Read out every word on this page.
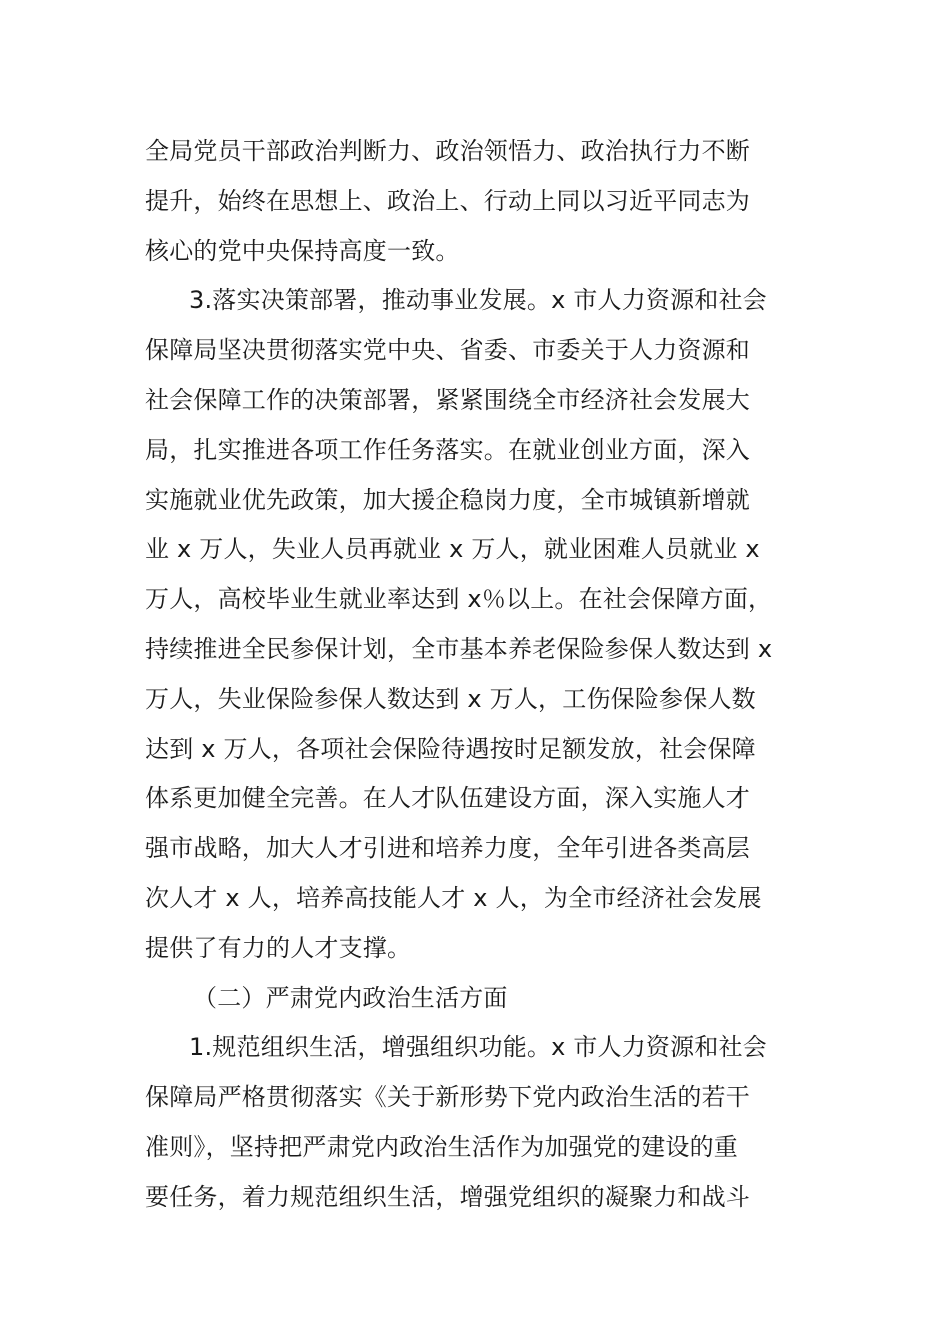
全局党员干部政治判断力、政治领悟力、政治执行力不断
提升，始终在思想上、政治上、行动上同以习近平同志为
核心的党中央保持高度一致。
3.落实决策部署，推动事业发展。x 市人力资源和社会
保障局坚决贯彻落实党中央、省委、市委关于人力资源和
社会保障工作的决策部署，紧紧围绕全市经济社会发展大
局，扎实推进各项工作任务落实。在就业创业方面，深入
实施就业优先政策，加大援企稳岗力度，全市城镇新增就
业 x 万人，失业人员再就业 x 万人，就业困难人员就业 x
万人，高校毕业生就业率达到 x％以上。在社会保障方面，
持续推进全民参保计划，全市基本养老保险参保人数达到 x
万人，失业保险参保人数达到 x 万人，工伤保险参保人数
达到 x 万人，各项社会保险待遇按时足额发放，社会保障
体系更加健全完善。在人才队伍建设方面，深入实施人才
强市战略，加大人才引进和培养力度，全年引进各类高层
次人才 x 人，培养高技能人才 x 人，为全市经济社会发展
提供了有力的人才支撑。
（二）严肃党内政治生活方面
1.规范组织生活，增强组织功能。x 市人力资源和社会
保障局严格贯彻落实《关于新形势下党内政治生活的若干
准则》，坚持把严肃党内政治生活作为加强党的建设的重
要任务，着力规范组织生活，增强党组织的凝聚力和战斗
